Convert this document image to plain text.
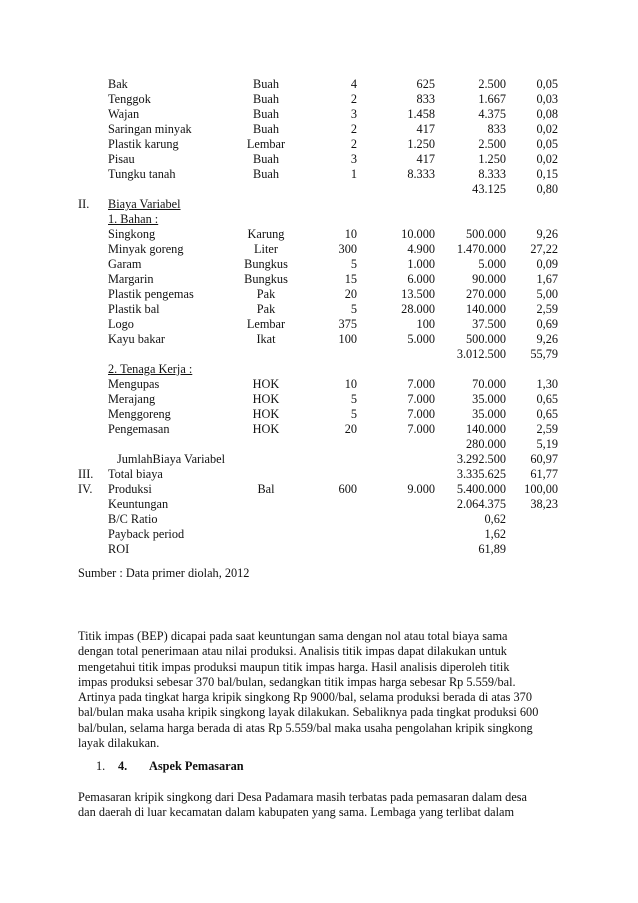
	Bak	Buah	4	625	2.500	0,05
	Tenggok	Buah	2	833	1.667	0,03
	Wajan	Buah	3	1.458	4.375	0,08
	Saringan minyak	Buah	2	417	833	0,02
	Plastik karung	Lembar	2	1.250	2.500	0,05
	Pisau	Buah	3	417	1.250	0,02
	Tungku tanah	Buah	1	8.333	8.333	0,15
					43.125	0,80
II.	Biaya Variabel					
	1. Bahan :					
	Singkong	Karung	10	10.000	500.000	9,26
	Minyak goreng	Liter	300	4.900	1.470.000	27,22
	Garam	Bungkus	5	1.000	5.000	0,09
	Margarin	Bungkus	15	6.000	90.000	1,67
	Plastik pengemas	Pak	20	13.500	270.000	5,00
	Plastik bal	Pak	5	28.000	140.000	2,59
	Logo	Lembar	375	100	37.500	0,69
	Kayu bakar	Ikat	100	5.000	500.000	9,26
					3.012.500	55,79
	2. Tenaga Kerja :					
	Mengupas	HOK	10	7.000	70.000	1,30
	Merajang	HOK	5	7.000	35.000	0,65
	Menggoreng	HOK	5	7.000	35.000	0,65
	Pengemasan	HOK	20	7.000	140.000	2,59
					280.000	5,19
	JumlahBiaya Variabel				3.292.500	60,97
III.	Total biaya				3.335.625	61,77
IV.	Produksi	Bal	600	9.000	5.400.000	100,00
	Keuntungan				2.064.375	38,23
	B/C Ratio				0,62	
	Payback period				1,62	
	ROI				61,89	
Sumber : Data primer diolah, 2012
Titik impas (BEP) dicapai pada saat keuntungan sama dengan nol atau total biaya sama
dengan total penerimaan atau nilai produksi. Analisis titik impas dapat dilakukan untuk
mengetahui titik impas produksi maupun titik impas harga. Hasil analisis diperoleh titik
impas produksi sebesar 370 bal/bulan, sedangkan titik impas harga sebesar Rp 5.559/bal.
Artinya pada tingkat harga kripik singkong Rp 9000/bal, selama produksi berada di atas 370
bal/bulan maka usaha kripik singkong layak dilakukan. Sebaliknya pada tingkat produksi 600
bal/bulan, selama harga berada di atas Rp 5.559/bal maka usaha pengolahan kripik singkong
layak dilakukan.
1. 4. Aspek Pemasaran
Pemasaran kripik singkong dari Desa Padamara masih terbatas pada pemasaran dalam desa
dan daerah di luar kecamatan dalam kabupaten yang sama. Lembaga yang terlibat dalam
